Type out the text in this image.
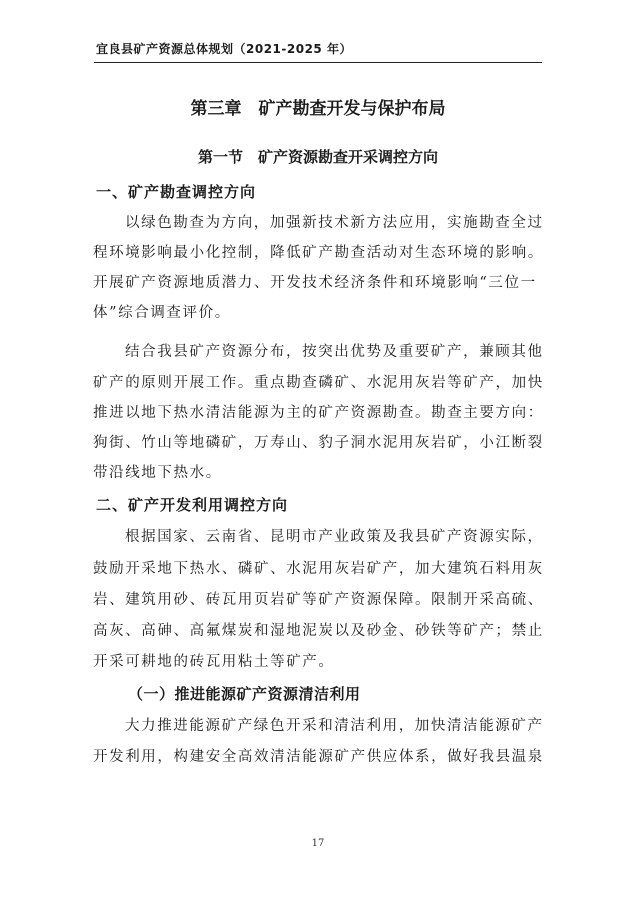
宜良县矿产资源总体规划（2021-2025 年）
第三章　矿产勘查开发与保护布局
第一节　矿产资源勘查开采调控方向
一、矿产勘查调控方向
以绿色勘查为方向，加强新技术新方法应用，实施勘查全过
程环境影响最小化控制，降低矿产勘查活动对生态环境的影响。
开展矿产资源地质潜力、开发技术经济条件和环境影响“三位一
体”综合调查评价。
结合我县矿产资源分布，按突出优势及重要矿产，兼顾其他
矿产的原则开展工作。重点勘查磷矿、水泥用灰岩等矿产，加快
推进以地下热水清洁能源为主的矿产资源勘查。勘查主要方向：
狗街、竹山等地磷矿，万寿山、豹子洞水泥用灰岩矿，小江断裂
带沿线地下热水。
二、矿产开发利用调控方向
根据国家、云南省、昆明市产业政策及我县矿产资源实际，
鼓励开采地下热水、磷矿、水泥用灰岩矿产，加大建筑石料用灰
岩、建筑用砂、砖瓦用页岩矿等矿产资源保障。限制开采高硫、
高灰、高砷、高氟煤炭和湿地泥炭以及砂金、砂铁等矿产；禁止
开采可耕地的砖瓦用粘土等矿产。
（一）推进能源矿产资源清洁利用
大力推进能源矿产绿色开采和清洁利用，加快清洁能源矿产
开发利用，构建安全高效清洁能源矿产供应体系，做好我县温泉
17
